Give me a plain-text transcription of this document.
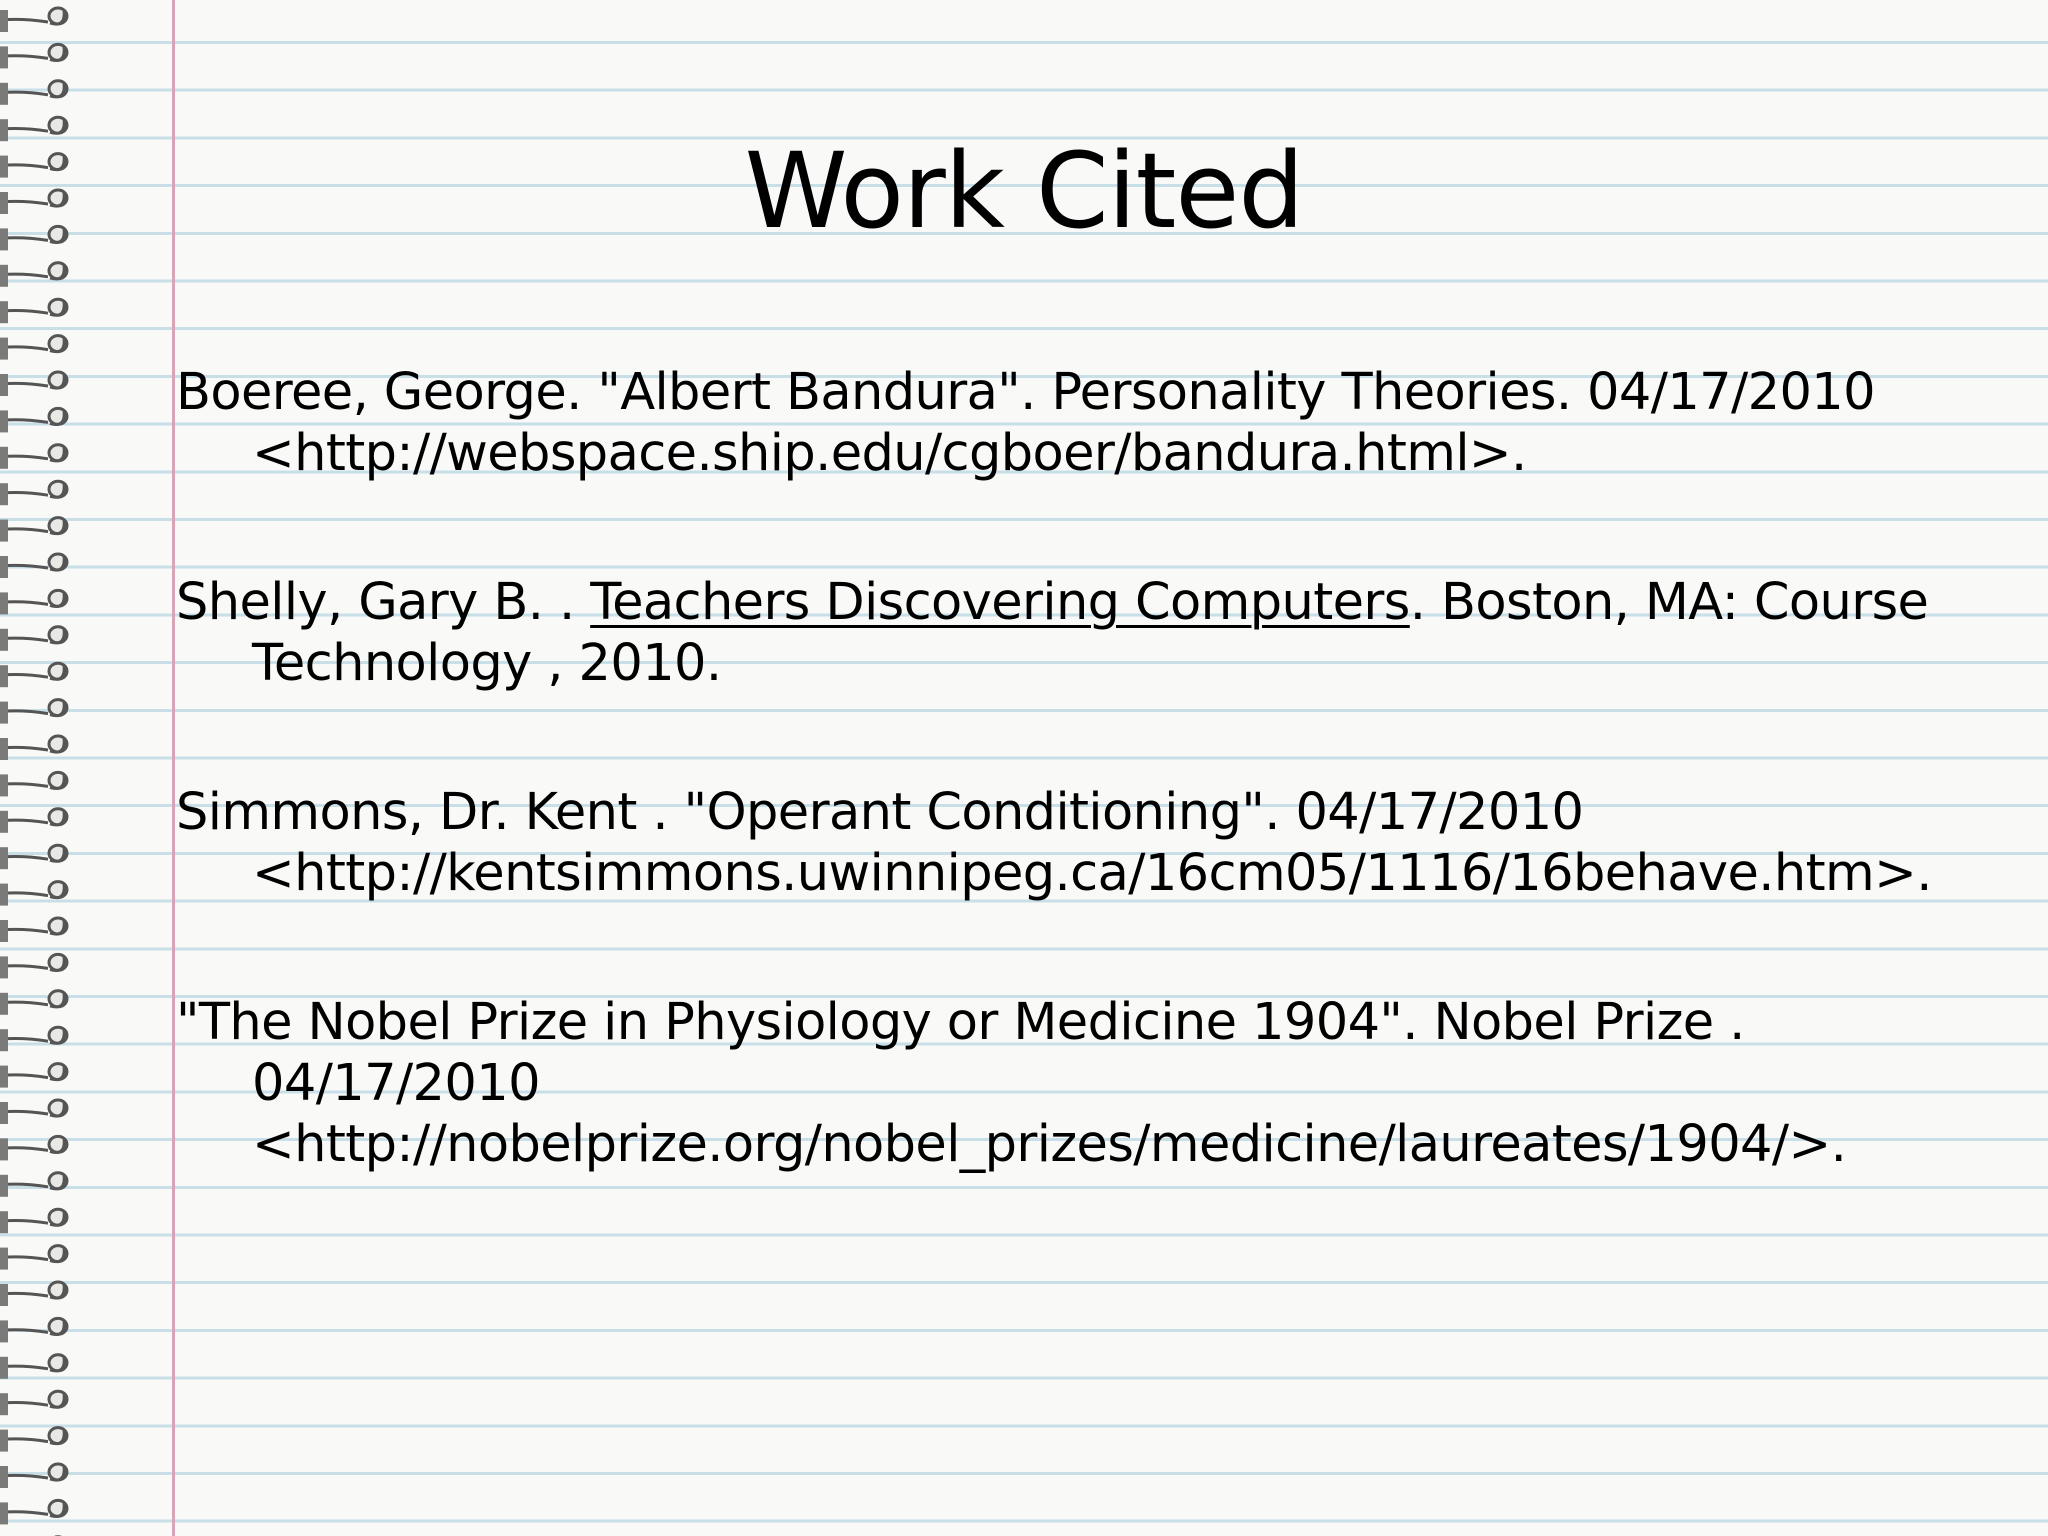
Work Cited
Boeree, George. "Albert Bandura". Personality Theories. 04/17/2010 <http://webspace.ship.edu/cgboer/bandura.html>.
Shelly, Gary B. . Teachers Discovering Computers. Boston, MA: Course Technology , 2010.
Simmons, Dr. Kent . "Operant Conditioning". 04/17/2010 <http://kentsimmons.uwinnipeg.ca/16cm05/1116/16behave.htm>.
"The Nobel Prize in Physiology or Medicine 1904". Nobel Prize . 04/17/2010 <http://nobelprize.org/nobel_prizes/medicine/laureates/1904/>.
